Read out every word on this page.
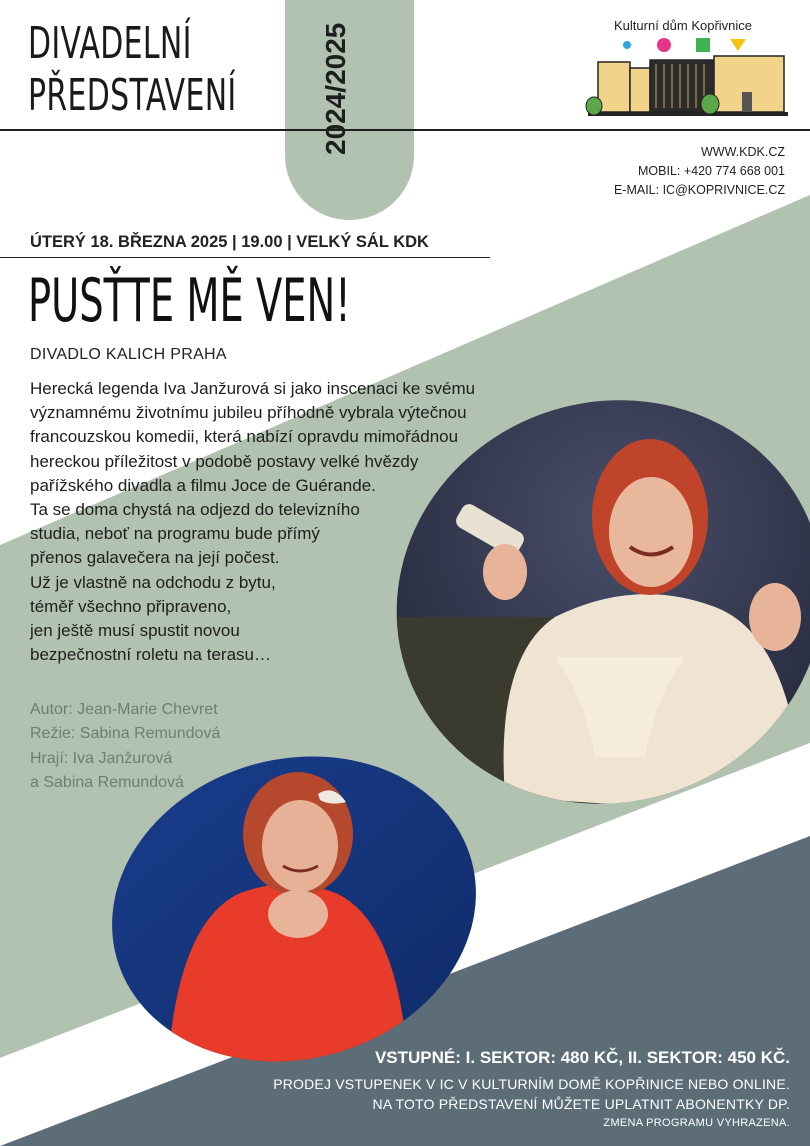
DIVADELNÍ
PŘEDSTAVENÍ	2024/2025	Kulturní dům Kopřivnice
WWW.KDK.CZ
MOBIL: +420 774 668 001
E-MAIL: IC@KOPRIVNICE.CZ
ÚTERÝ 18. BŘEZNA 2025 | 19.00 | VELKÝ SÁL KDK
PUSŤTE MĚ VEN!
DIVADLO KALICH PRAHA

Herecká legenda Iva Janžurová si jako inscenaci ke svému

významnému životnímu jubileu příhodně vybrala výtečnou

francouzskou komedii, která nabízí opravdu mimořádnou

hereckou příležitost v podobě postavy velké hvězdy

pařížského divadla a filmu Joce de Guérande.

Ta se doma chystá na odjezd do televizního

studia, neboť na programu bude přímý

přenos galavečera na její počest.

Už je vlastně na odchodu z bytu,

téměř všechno připraveno,

jen ještě musí spustit novou

bezpečnostní roletu na terasu…

Autor: Jean-Marie Chevret

Režie: Sabina Remundová

Hrají: Iva Janžurová

a Sabina Remundová

VSTUPNÉ: I. SEKTOR: 480 KČ, II. SEKTOR: 450 KČ.
PRODEJ VSTUPENEK V IC V KULTURNÍM DOMĚ KOPŘINICE NEBO ONLINE.
NA TOTO PŘEDSTAVENÍ MŮŽETE UPLATNIT ABONENTKY DP.
ZMENA PROGRAMU VYHRAZENA.
